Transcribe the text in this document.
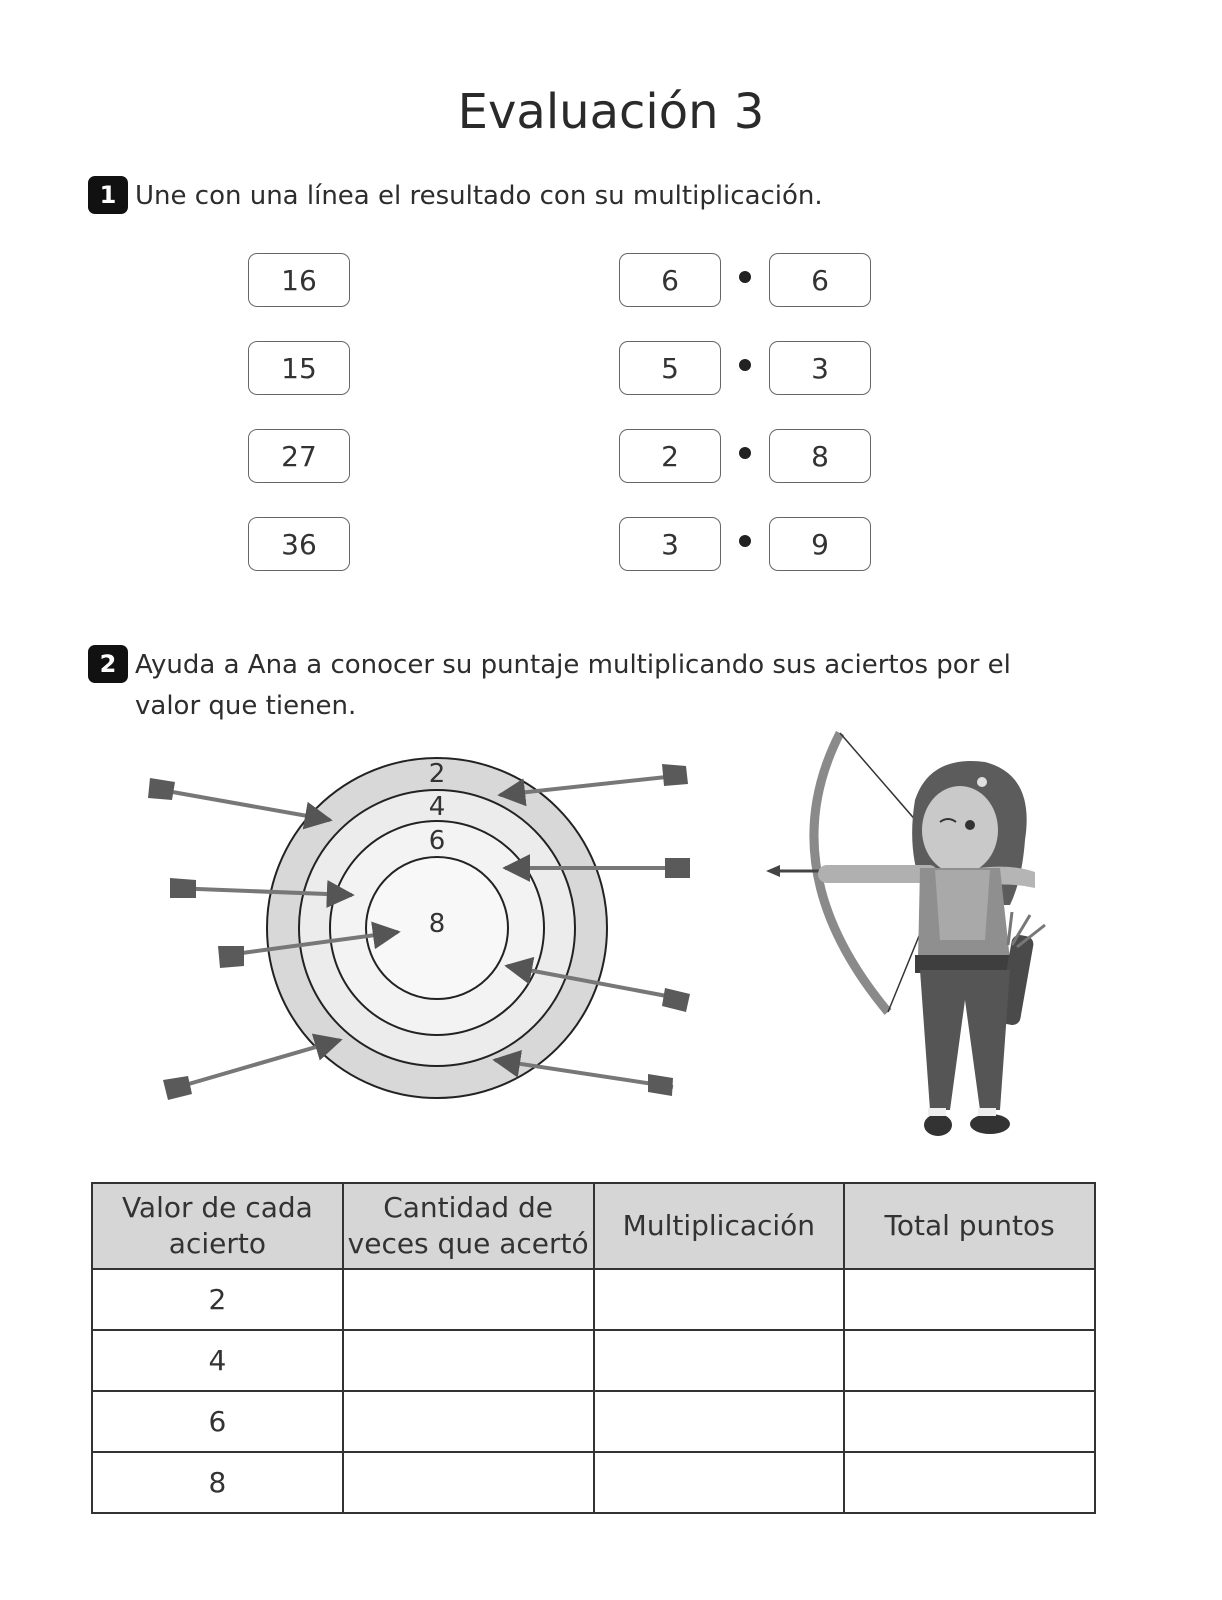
Evaluación 3
1 Une con una línea el resultado con su multiplicación.
16
15
27
36
6	6
5	3
2	8
3	9
2 Ayuda a Ana a conocer su puntaje multiplicando sus aciertos por el
valor que tienen.
2
4
6
8
Valor de cada
acierto	Cantidad de
veces que acertó	Multiplicación	Total puntos
2			
4			
6			
8			
